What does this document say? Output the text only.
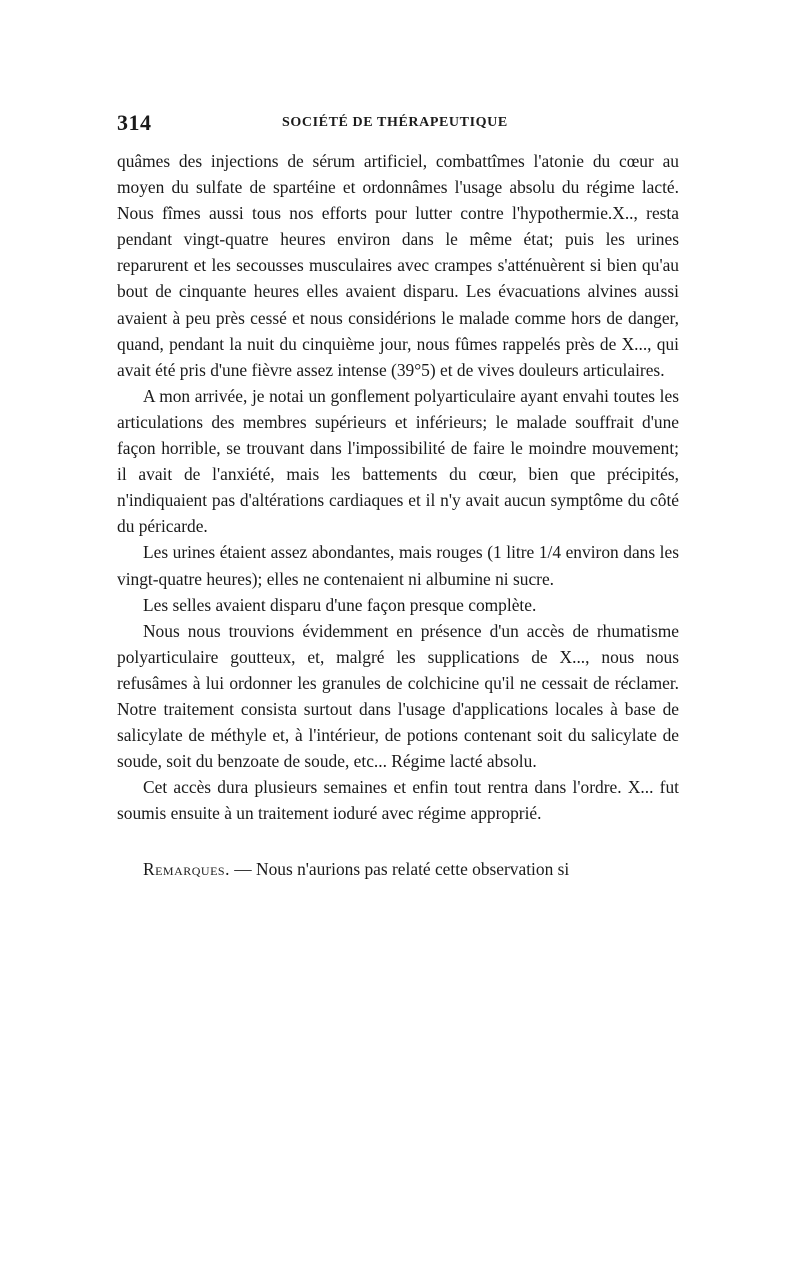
314	SOCIÉTÉ DE THÉRAPEUTIQUE

quâmes des injections de sérum artificiel, combattîmes l'atonie du cœur au moyen du sulfate de spartéine et ordonnâmes l'usage absolu du régime lacté. Nous fîmes aussi tous nos efforts pour lutter contre l'hypothermie.X.., resta pendant vingt-quatre heures environ dans le même état; puis les urines reparurent et les secousses musculaires avec crampes s'atténuèrent si bien qu'au bout de cinquante heures elles avaient disparu. Les évacuations alvines aussi avaient à peu près cessé et nous considérions le malade comme hors de danger, quand, pendant la nuit du cinquième jour, nous fûmes rappelés près de X..., qui avait été pris d'une fièvre assez intense (39°5) et de vives douleurs articulaires.

A mon arrivée, je notai un gonflement polyarticulaire ayant envahi toutes les articulations des membres supérieurs et inférieurs; le malade souffrait d'une façon horrible, se trouvant dans l'impossibilité de faire le moindre mouvement; il avait de l'anxiété, mais les battements du cœur, bien que précipités, n'indiquaient pas d'altérations cardiaques et il n'y avait aucun symptôme du côté du péricarde.

Les urines étaient assez abondantes, mais rouges (1 litre 1/4 environ dans les vingt-quatre heures); elles ne contenaient ni albumine ni sucre.

Les selles avaient disparu d'une façon presque complète.

Nous nous trouvions évidemment en présence d'un accès de rhumatisme polyarticulaire goutteux, et, malgré les supplications de X..., nous nous refusâmes à lui ordonner les granules de colchicine qu'il ne cessait de réclamer. Notre traitement consista surtout dans l'usage d'applications locales à base de salicylate de méthyle et, à l'intérieur, de potions contenant soit du salicylate de soude, soit du benzoate de soude, etc... Régime lacté absolu.

Cet accès dura plusieurs semaines et enfin tout rentra dans l'ordre. X... fut soumis ensuite à un traitement ioduré avec régime approprié.

Remarques. — Nous n'aurions pas relaté cette observation si
